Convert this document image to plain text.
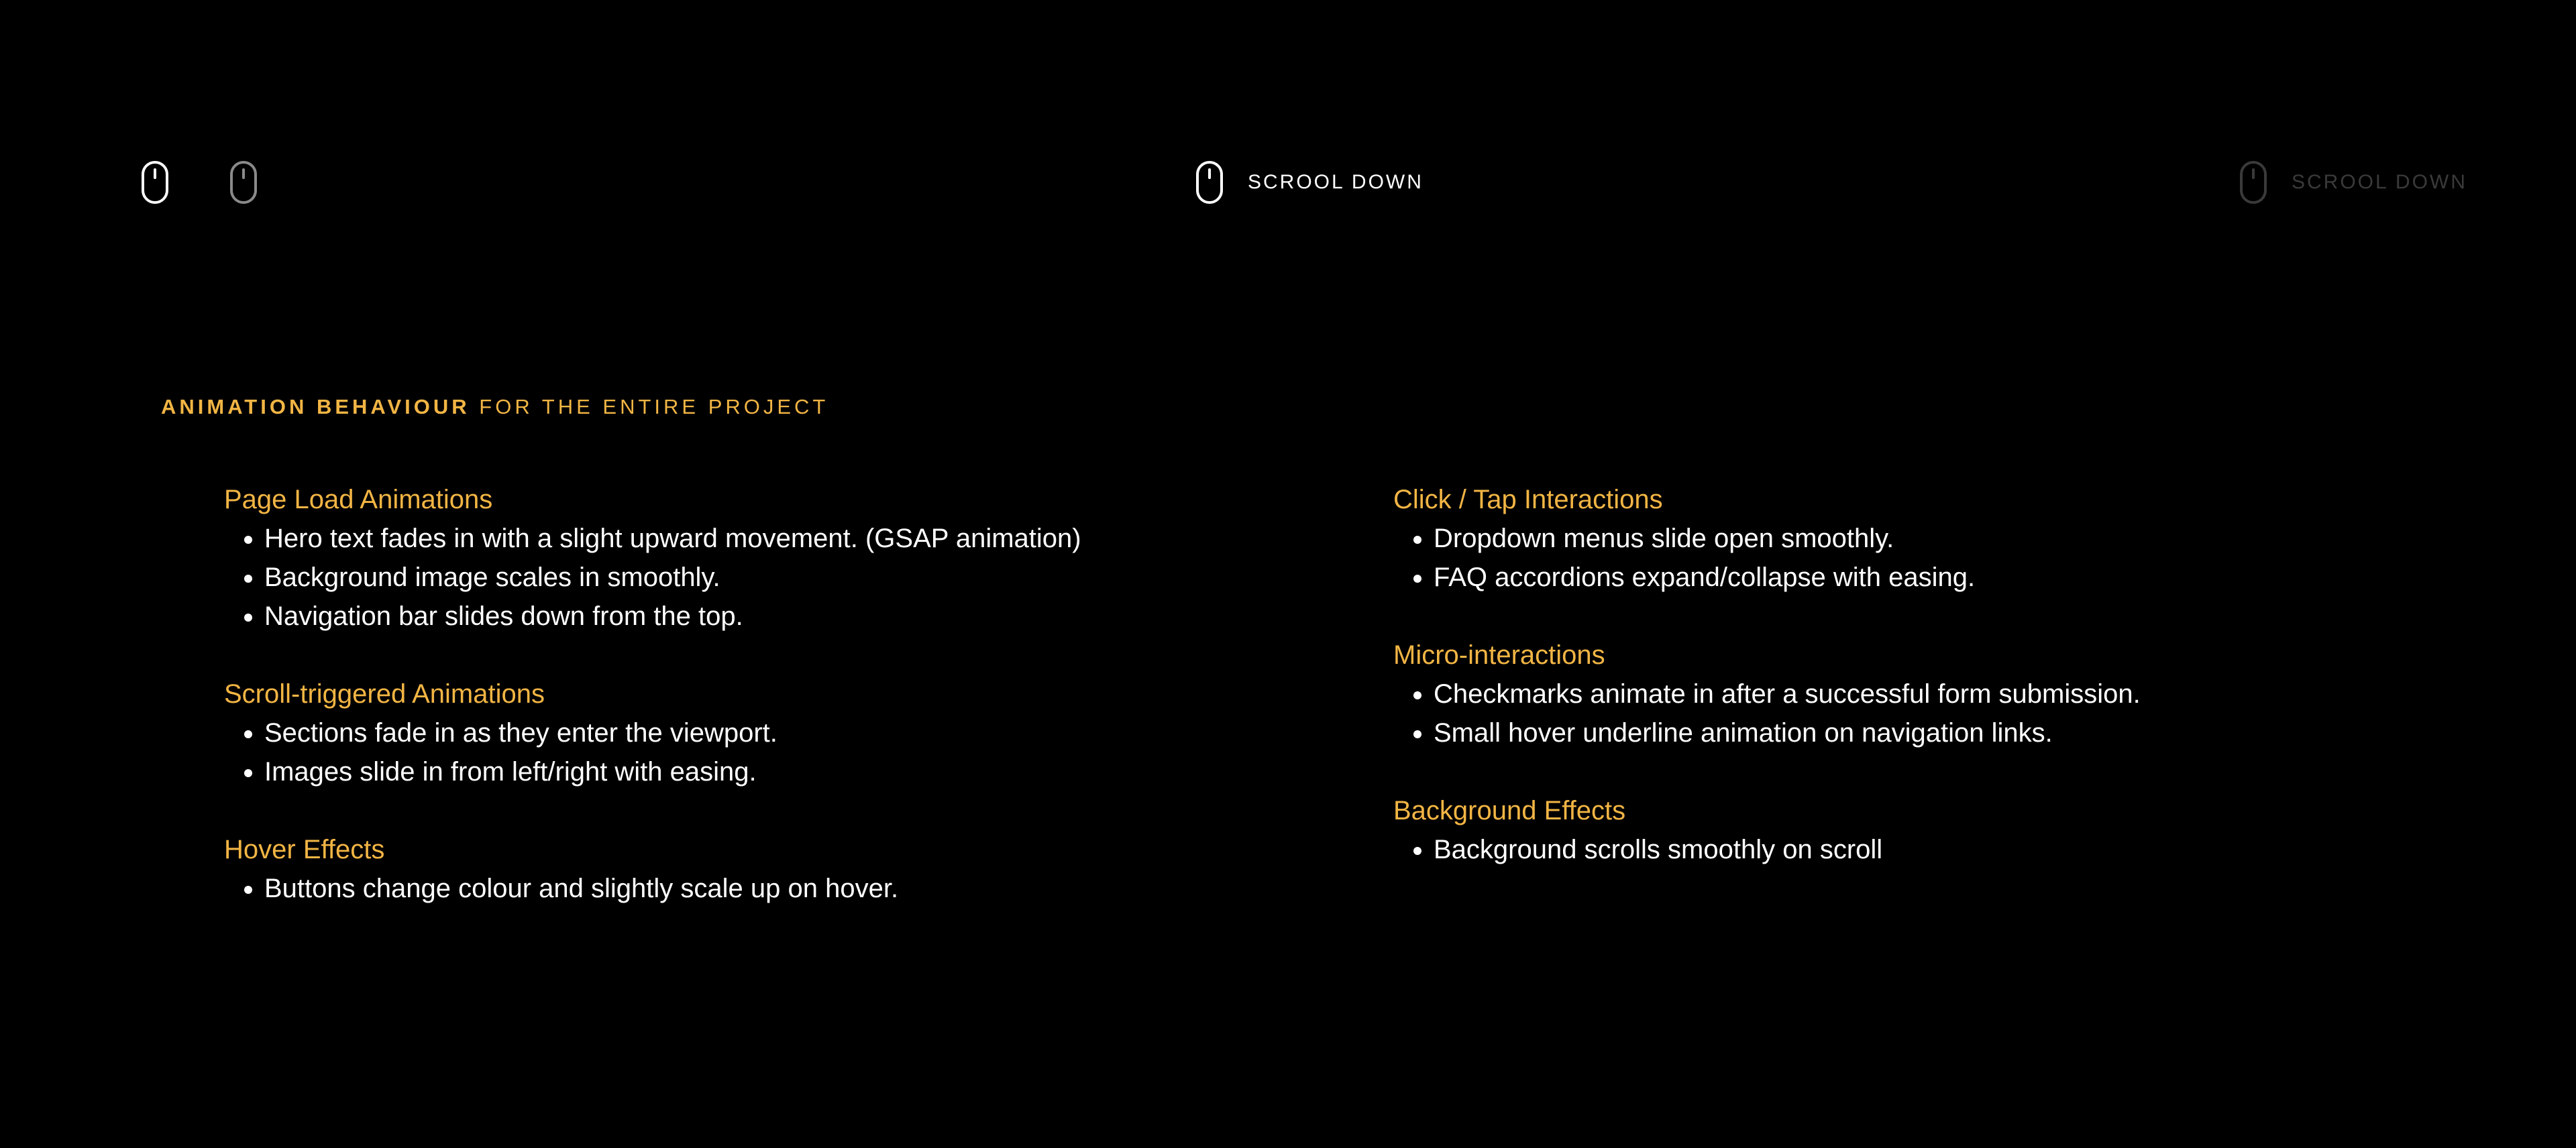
SCROOL DOWN	SCROOL DOWN
ANIMATION BEHAVIOUR FOR THE ENTIRE PROJECT
Page Load Animations
• Hero text fades in with a slight upward movement. (GSAP animation)
• Background image scales in smoothly.
• Navigation bar slides down from the top.
Scroll-triggered Animations
• Sections fade in as they enter the viewport.
• Images slide in from left/right with easing.
Hover Effects
• Buttons change colour and slightly scale up on hover.
Click / Tap Interactions
• Dropdown menus slide open smoothly.
• FAQ accordions expand/collapse with easing.
Micro-interactions
• Checkmarks animate in after a successful form submission.
• Small hover underline animation on navigation links.
Background Effects
• Background scrolls smoothly on scroll
